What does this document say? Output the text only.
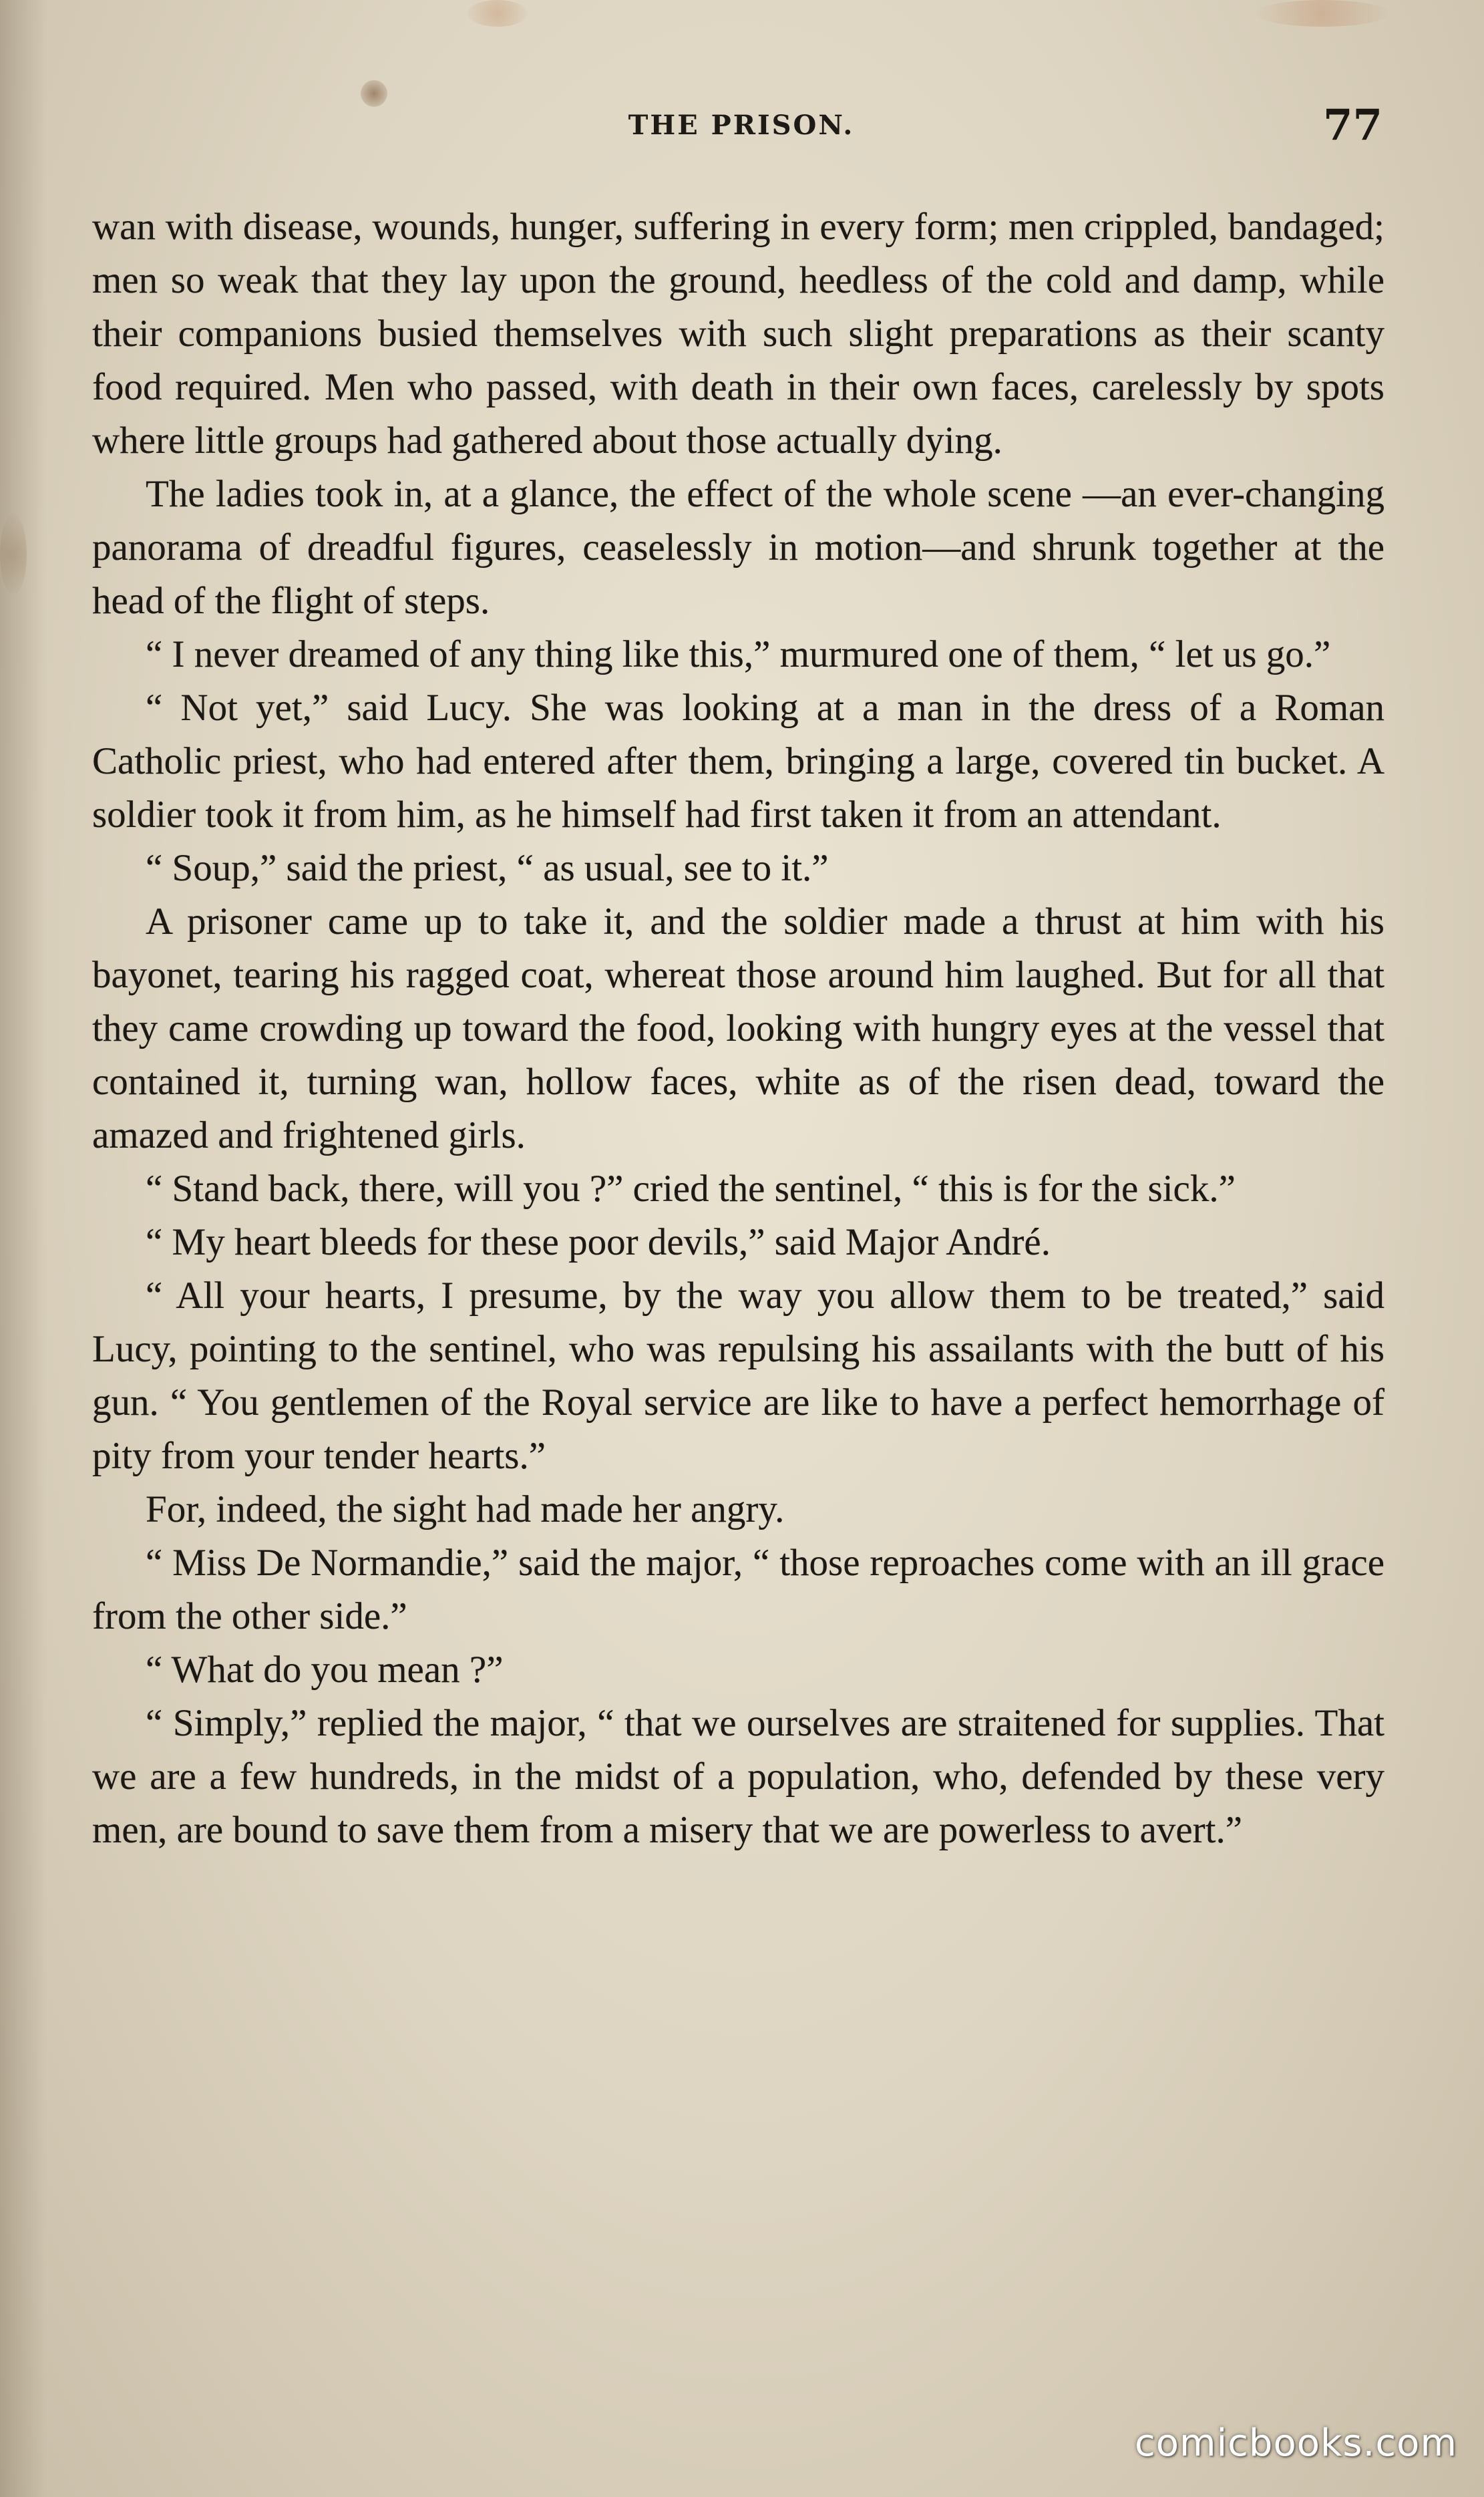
THE PRISON.	77

wan with disease, wounds, hunger, suffering in every form; men crippled, bandaged; men so weak that they lay upon the ground, heedless of the cold and damp, while their companions busied themselves with such slight preparations as their scanty food required. Men who passed, with death in their own faces, carelessly by spots where little groups had gathered about those actually dying.

The ladies took in, at a glance, the effect of the whole scene —an ever-changing panorama of dreadful figures, ceaselessly in motion—and shrunk together at the head of the flight of steps.

“ I never dreamed of any thing like this,” murmured one of them, “ let us go.”

“ Not yet,” said Lucy. She was looking at a man in the dress of a Roman Catholic priest, who had entered after them, bringing a large, covered tin bucket. A soldier took it from him, as he himself had first taken it from an attendant.

“ Soup,” said the priest, “ as usual, see to it.”

A prisoner came up to take it, and the soldier made a thrust at him with his bayonet, tearing his ragged coat, whereat those around him laughed. But for all that they came crowding up toward the food, looking with hungry eyes at the vessel that contained it, turning wan, hollow faces, white as of the risen dead, toward the amazed and frightened girls.

“ Stand back, there, will you ?” cried the sentinel, “ this is for the sick.”

“ My heart bleeds for these poor devils,” said Major André.

“ All your hearts, I presume, by the way you allow them to be treated,” said Lucy, pointing to the sentinel, who was repulsing his assailants with the butt of his gun. “ You gentlemen of the Royal service are like to have a perfect hemorrhage of pity from your tender hearts.”

For, indeed, the sight had made her angry.

“ Miss De Normandie,” said the major, “ those reproaches come with an ill grace from the other side.”

“ What do you mean ?”

“ Simply,” replied the major, “ that we ourselves are straitened for supplies. That we are a few hundreds, in the midst of a population, who, defended by these very men, are bound to save them from a misery that we are powerless to avert.”

comicbooks.com
